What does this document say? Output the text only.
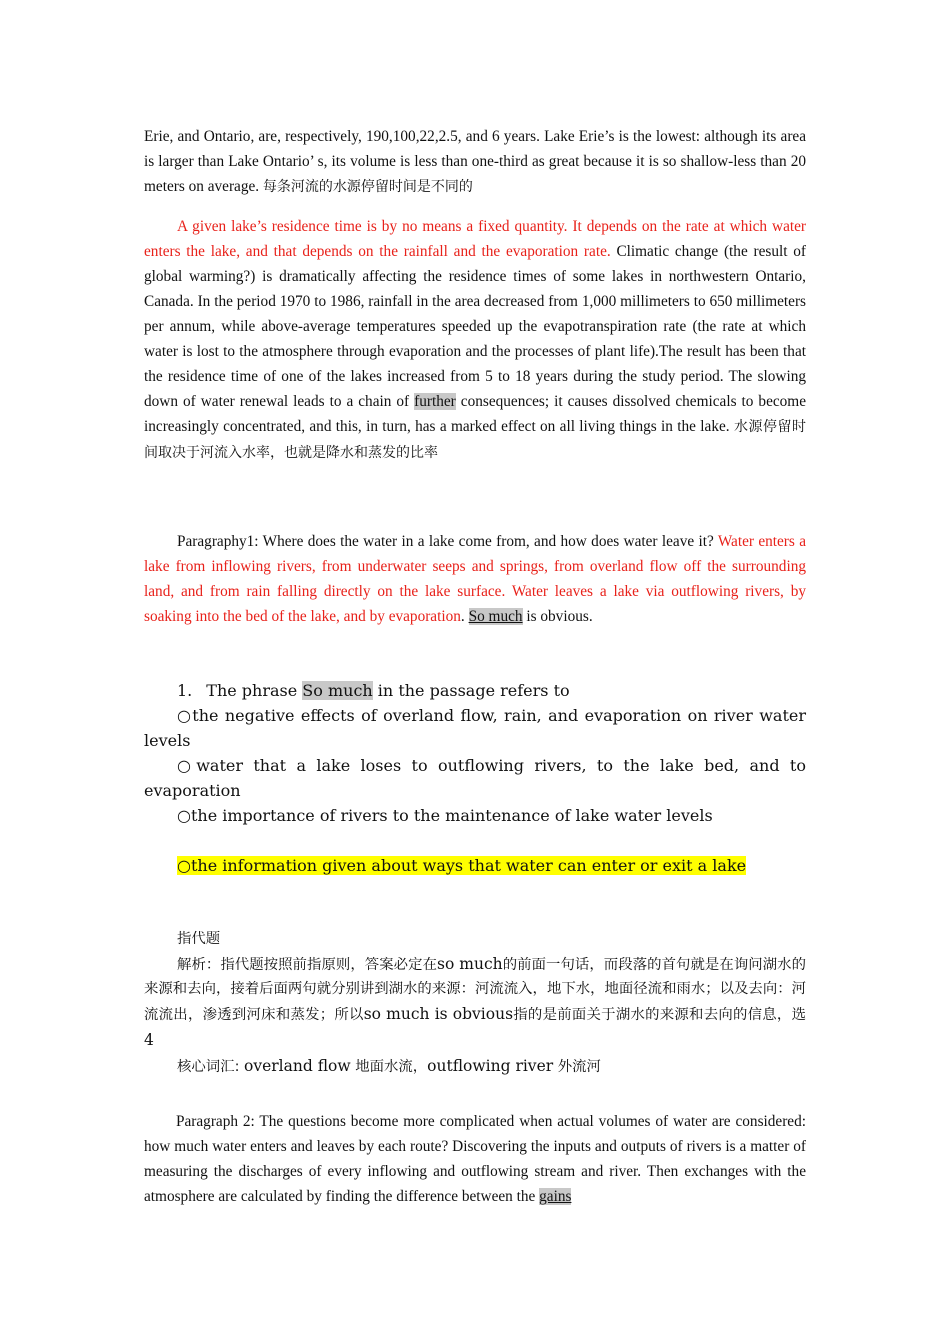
Erie, and Ontario, are, respectively, 190,100,22,2.5, and 6 years. Lake Erie’s is the lowest: although its area is larger than Lake Ontario’ s, its volume is less than one-third as great because it is so shallow-less than 20 meters on average. 每条河流的水源停留时间是不同的

A given lake’s residence time is by no means a fixed quantity. It depends on the rate at which water enters the lake, and that depends on the rainfall and the evaporation rate. Climatic change (the result of global warming?) is dramatically affecting the residence times of some lakes in northwestern Ontario, Canada. In the period 1970 to 1986, rainfall in the area decreased from 1,000 millimeters to 650 millimeters per annum, while above-average temperatures speeded up the evapotranspiration rate (the rate at which water is lost to the atmosphere through evaporation and the processes of plant life).The result has been that the residence time of one of the lakes increased from 5 to 18 years during the study period. The slowing down of water renewal leads to a chain of further consequences; it causes dissolved chemicals to become increasingly concentrated, and this, in turn, has a marked effect on all living things in the lake. 水源停留时间取决于河流入水率，也就是降水和蒸发的比率

Paragraphy1: Where does the water in a lake come from, and how does water leave it? Water enters a lake from inflowing rivers, from underwater seeps and springs, from overland flow off the surrounding land, and from rain falling directly on the lake surface. Water leaves a lake via outflowing rivers, by soaking into the bed of the lake, and by evaporation. So much is obvious.

1. The phrase So much in the passage refers to
○the negative effects of overland flow, rain, and evaporation on river water levels
○water that a lake loses to outflowing rivers, to the lake bed, and to evaporation
○the importance of rivers to the maintenance of lake water levels
○the information given about ways that water can enter or exit a lake
指代题
解析：指代题按照前指原则，答案必定在so much的前面一句话，而段落的首句就是在询问湖水的来源和去向，接着后面两句就分别讲到湖水的来源：河流流入，地下水，地面径流和雨水；以及去向：河流流出，渗透到河床和蒸发；所以so much is obvious指的是前面关于湖水的来源和去向的信息，选4
核心词汇: overland flow 地面水流，outflowing river 外流河

Paragraph 2: The questions become more complicated when actual volumes of water are considered: how much water enters and leaves by each route? Discovering the inputs and outputs of rivers is a matter of measuring the discharges of every inflowing and outflowing stream and river. Then exchanges with the atmosphere are calculated by finding the difference between the gains
